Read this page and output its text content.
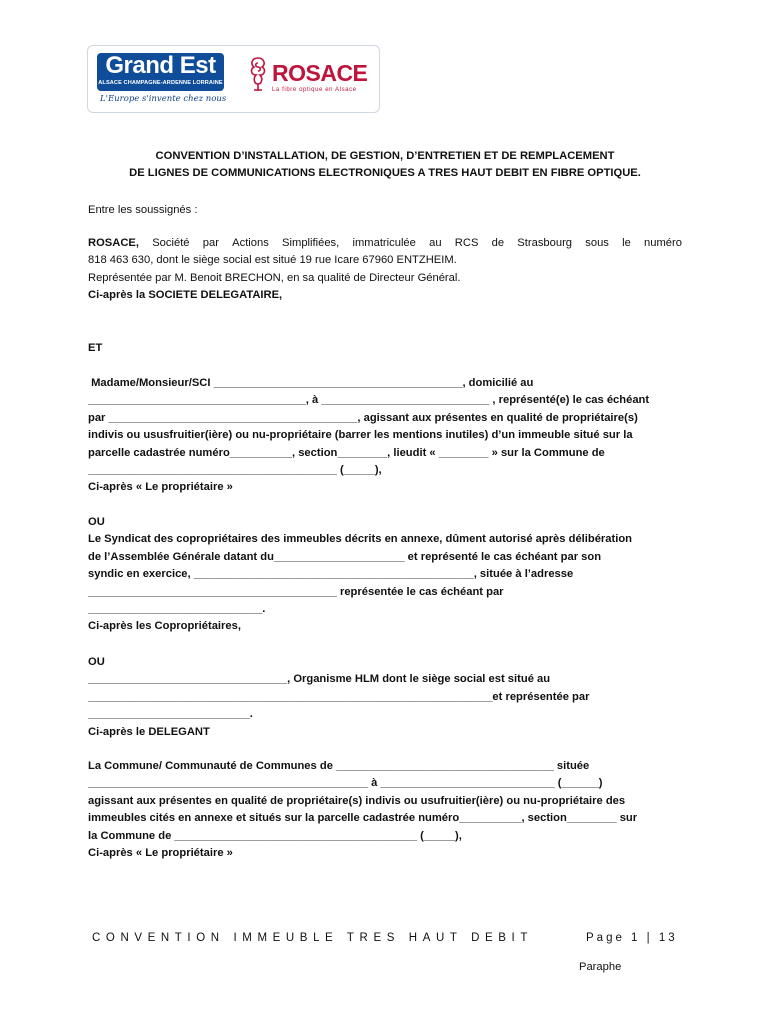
Grand Est
ALSACE CHAMPAGNE-ARDENNE LORRAINE
L'Europe s'invente chez nous
ROSACE
La fibre optique en Alsace
CONVENTION D’INSTALLATION, DE GESTION, D’ENTRETIEN ET DE REMPLACEMENT
DE LIGNES DE COMMUNICATIONS ELECTRONIQUES A TRES HAUT DEBIT EN FIBRE OPTIQUE.
Entre les soussignés :
ROSACE, Société par Actions Simplifiées, immatriculée au RCS de Strasbourg sous le numéro
818 463 630, dont le siège social est situé 19 rue Icare 67960 ENTZHEIM.
Représentée par M. Benoit BRECHON, en sa qualité de Directeur Général.
Ci-après la SOCIETE DELEGATAIRE,
ET
Madame/Monsieur/SCI ________________________________________, domicilié au
___________________________________, à ___________________________ , représenté(e) le cas échéant
par ________________________________________, agissant aux présentes en qualité de propriétaire(s)
indivis ou ususfruitier(ière) ou nu-propriétaire (barrer les mentions inutiles) d’un immeuble situé sur la
parcelle cadastrée numéro__________, section________, lieudit « ________ » sur la Commune de
________________________________________ (_____),
Ci-après « Le propriétaire »
OU
Le Syndicat des copropriétaires des immeubles décrits en annexe, dûment autorisé après délibération
de l’Assemblée Générale datant du_____________________ et représenté le cas échéant par son
syndic en exercice, _____________________________________________, située à l’adresse
________________________________________ représentée le cas échéant par
____________________________.
Ci-après les Copropriétaires,
OU
________________________________, Organisme HLM dont le siège social est situé au
_________________________________________________________________et représentée par
__________________________.
Ci-après le DELEGANT
La Commune/ Communauté de Communes de ___________________________________ située
_____________________________________________ à ____________________________ (______)
agissant aux présentes en qualité de propriétaire(s) indivis ou usufruitier(ière) ou nu-propriétaire des
immeubles cités en annexe et situés sur la parcelle cadastrée numéro__________, section________ sur
la Commune de _______________________________________ (_____),
Ci-après « Le propriétaire »
CONVENTION IMMEUBLE TRES HAUT DEBIT	Page 1 | 13
Paraphe
